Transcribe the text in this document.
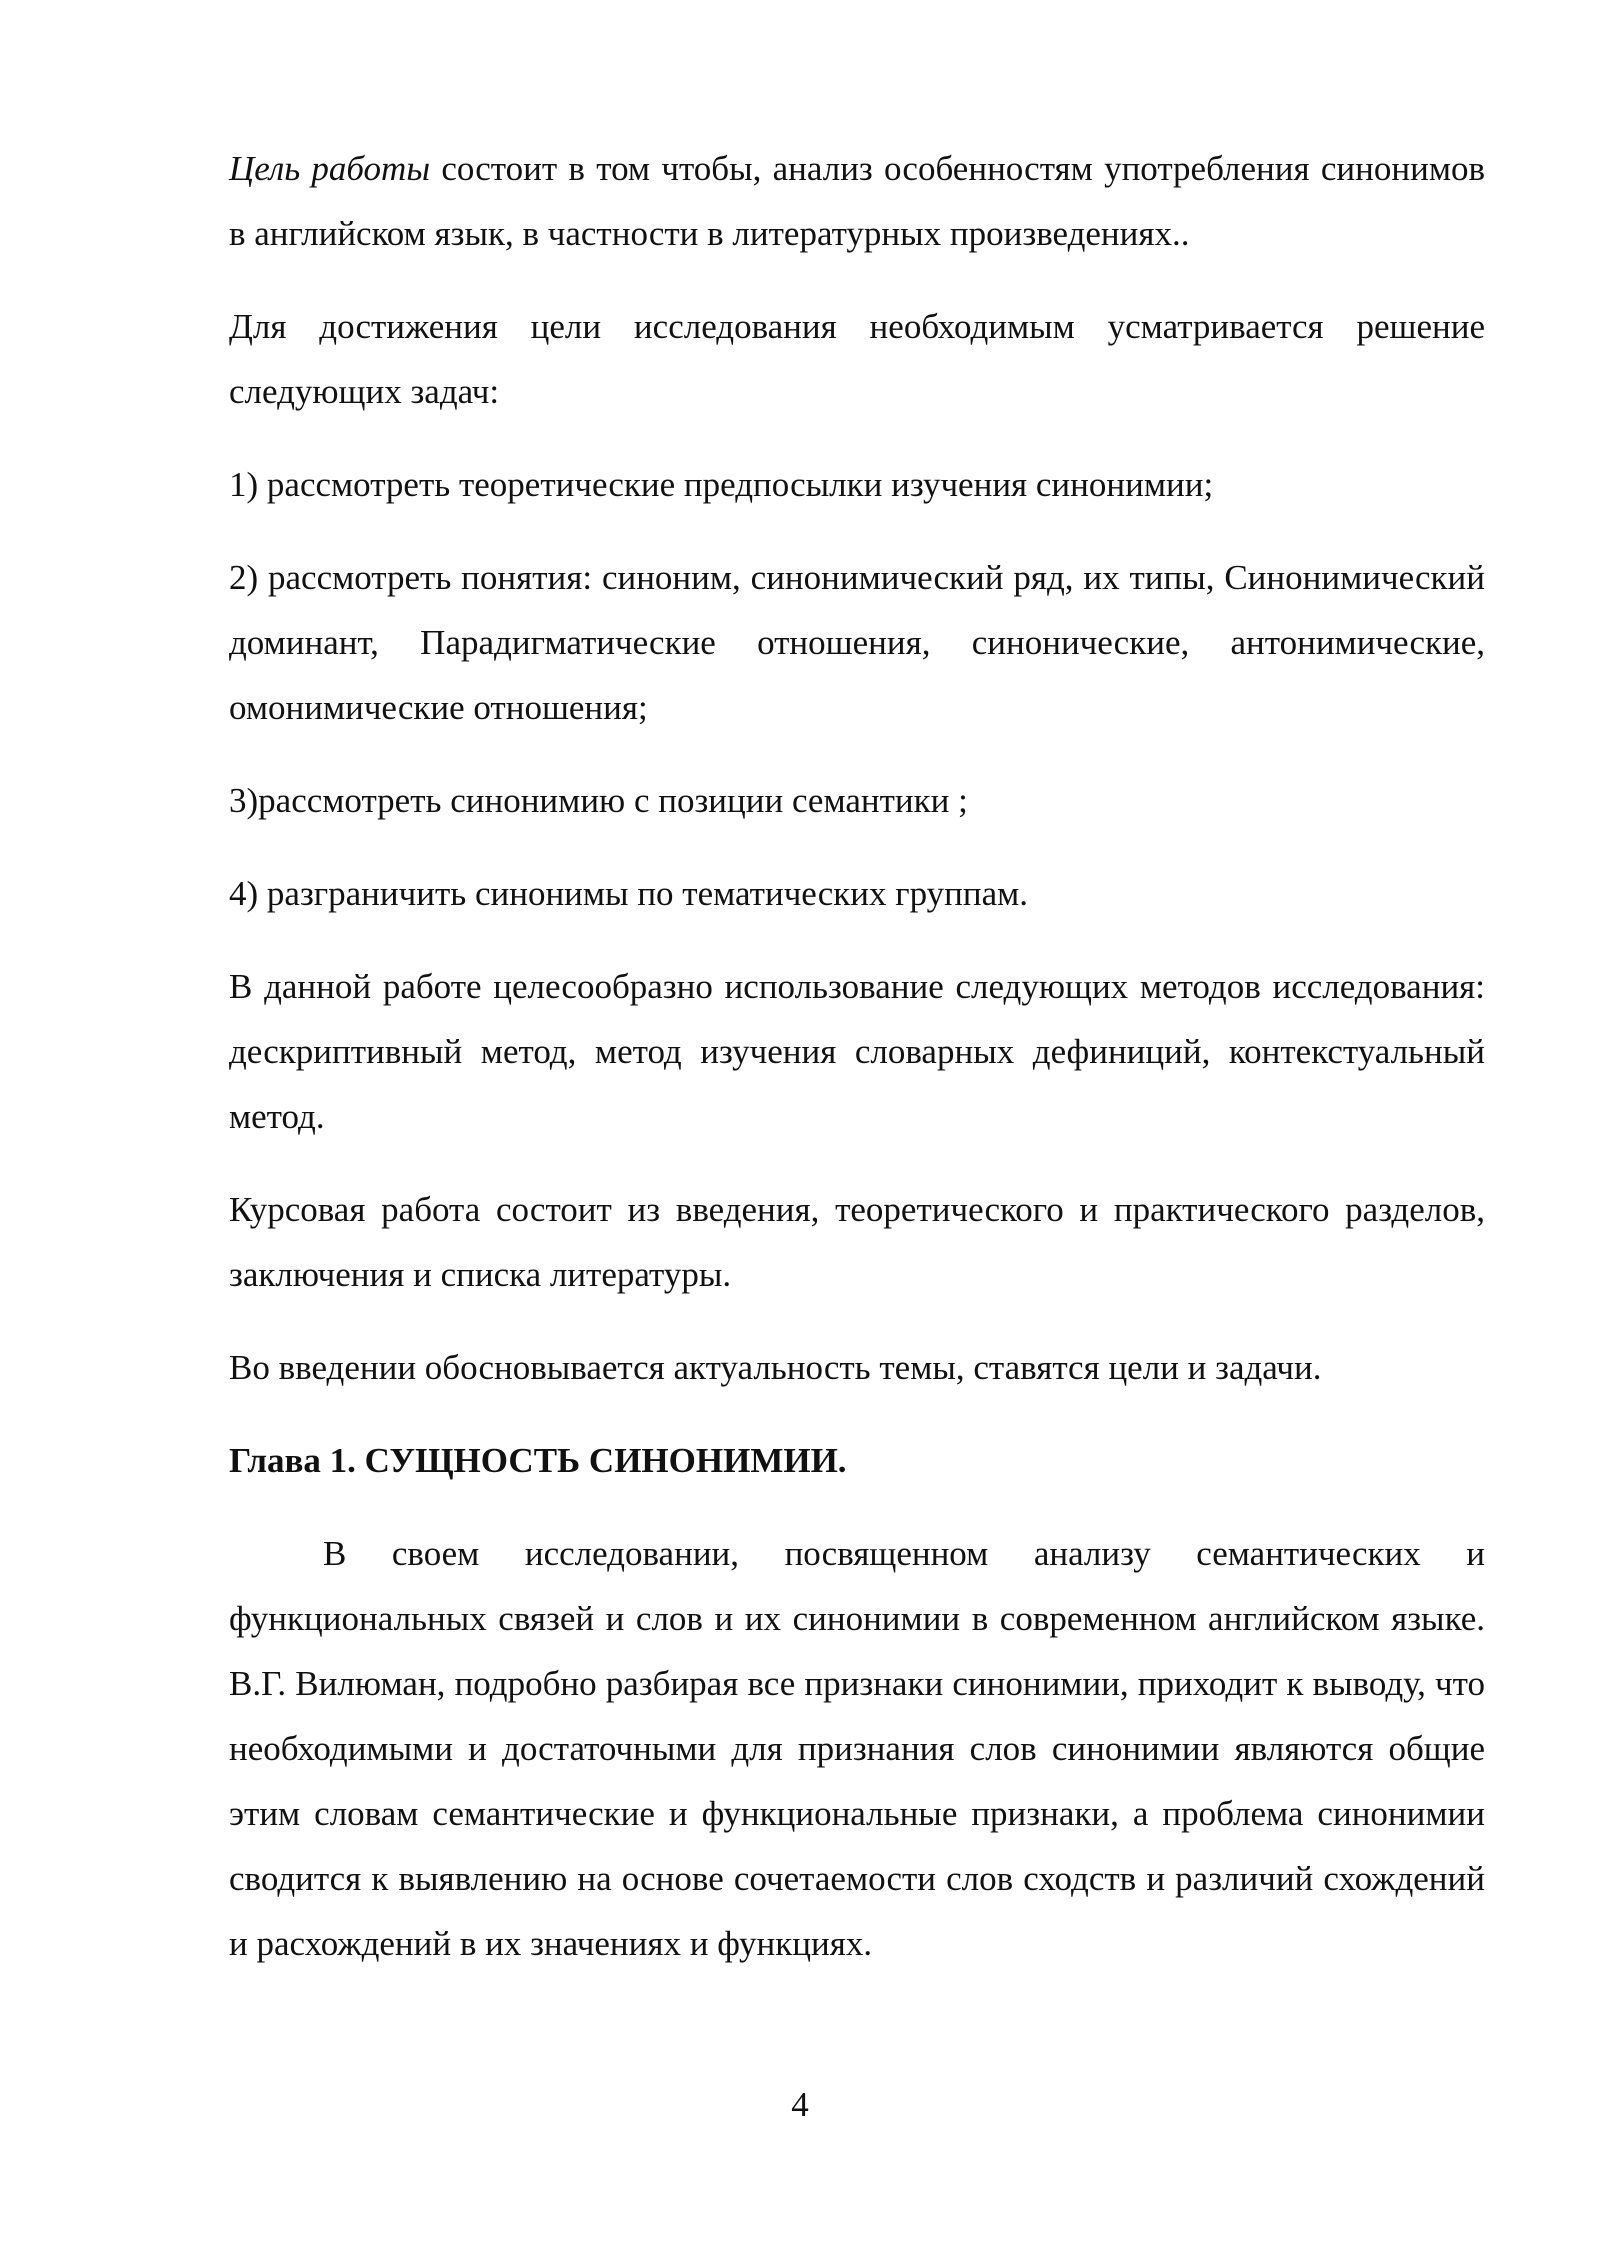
Цель работы состоит в том чтобы, анализ особенностям употребления синонимов в английском язык, в частности в литературных произведениях..

Для достижения цели исследования необходимым усматривается решение следующих задач:

1) рассмотреть теоретические предпосылки изучения синонимии;

2) рассмотреть понятия: синоним, синонимический ряд, их типы, Синонимический доминант, Парадигматические отношения, синонические, антонимические, омонимические отношения;

3)рассмотреть синонимию с позиции семантики ;

4) разграничить синонимы по тематических группам.

В данной работе целесообразно использование следующих методов исследования: дескриптивный метод, метод изучения словарных дефиниций, контекстуальный метод.

Курсовая работа состоит из введения, теоретического и практического разделов, заключения и списка литературы.

Во введении обосновывается актуальность темы, ставятся цели и задачи.

Глава 1. СУЩНОСТЬ СИНОНИМИИ.

В своем исследовании, посвященном анализу семантических и функциональных связей и слов и их синонимии в современном английском языке. В.Г. Вилюман, подробно разбирая все признаки синонимии, приходит к выводу, что необходимыми и достаточными для признания слов синонимии являются общие этим словам семантические и функциональные признаки, а проблема синонимии сводится к выявлению на основе сочетаемости слов сходств и различий схождений и расхождений в их значениях и функциях.

4
